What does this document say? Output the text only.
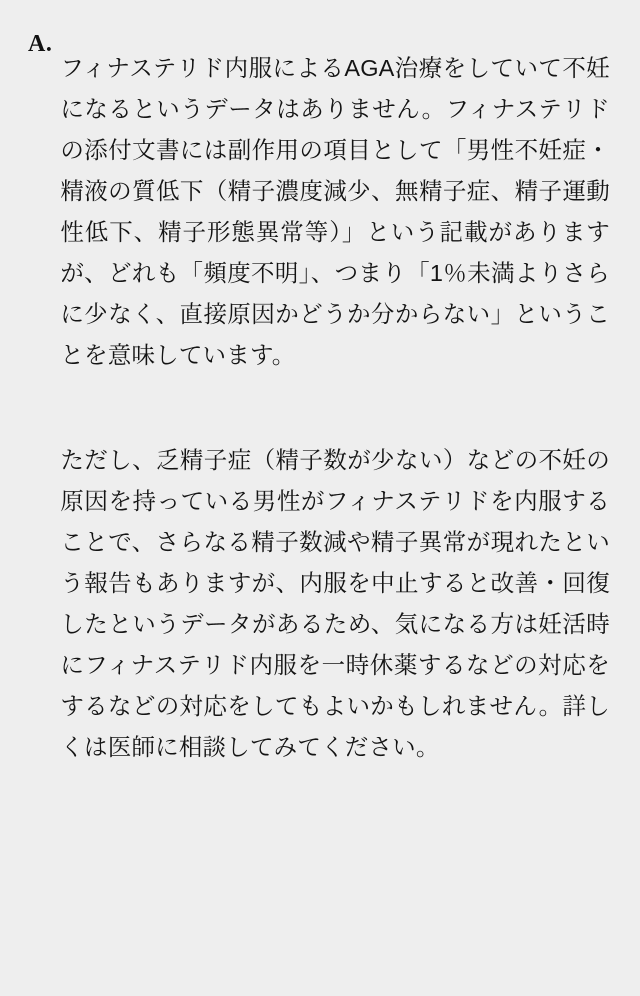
A.

フィナステリド内服によるAGA治療をしていて不妊になるというデータはありません。フィナステリドの添付文書には副作用の項目として「男性不妊症・精液の質低下（精子濃度減少、無精子症、精子運動性低下、精子形態異常等）」という記載がありますが、どれも「頻度不明」、つまり「1％未満よりさらに少なく、直接原因かどうか分からない」ということを意味しています。

ただし、乏精子症（精子数が少ない）などの不妊の原因を持っている男性がフィナステリドを内服することで、さらなる精子数減や精子異常が現れたという報告もありますが、内服を中止すると改善・回復したというデータがあるため、気になる方は妊活時にフィナステリド内服を一時休薬するなどの対応をするなどの対応をしてもよいかもしれません。詳しくは医師に相談してみてください。
